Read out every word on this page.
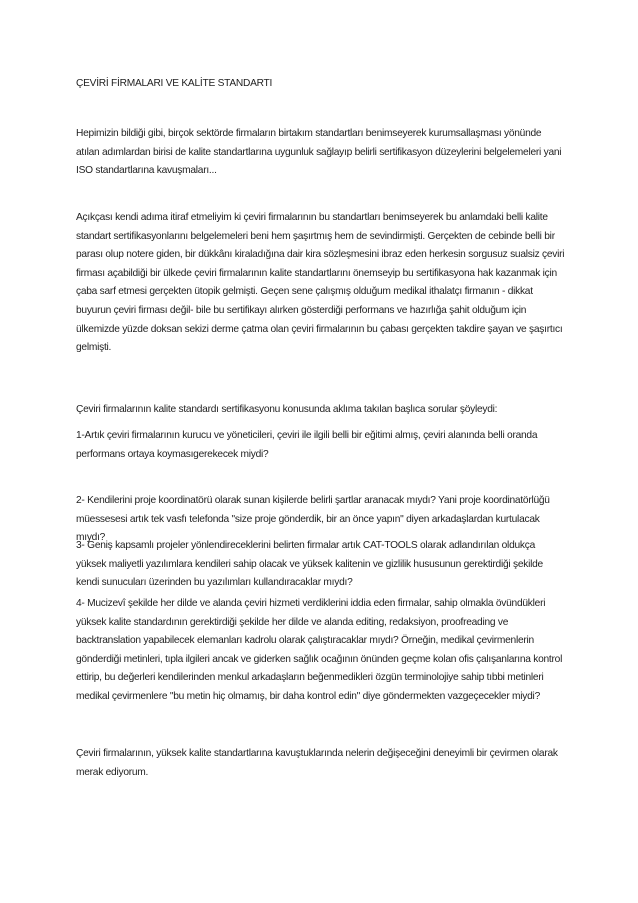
ÇEVİRİ FİRMALARI VE KALİTE STANDARTI

Hepimizin bildiği gibi, birçok sektörde firmaların birtakım standartları benimseyerek kurumsallaşması yönünde atılan adımlardan birisi de kalite standartlarına uygunluk sağlayıp belirli sertifikasyon düzeylerini belgelemeleri yani ISO standartlarına kavuşmaları...

Açıkçası kendi adıma itiraf etmeliyim ki çeviri firmalarının bu standartları benimseyerek bu anlamdaki belli kalite standart sertifikasyonlarını belgelemeleri beni hem şaşırtmış hem de sevindirmişti. Gerçekten de cebinde belli bir parası olup notere giden, bir dükkânı kiraladığına dair kira sözleşmesini ibraz eden herkesin sorgusuz sualsiz çeviri firması açabildiği bir ülkede çeviri firmalarının kalite standartlarını önemseyip bu sertifikasyona hak kazanmak için çaba sarf etmesi gerçekten ütopik gelmişti. Geçen sene çalışmış olduğum medikal ithalatçı firmanın - dikkat buyurun çeviri firması değil- bile bu sertifikayı alırken gösterdiği performans ve hazırlığa şahit olduğum için ülkemizde yüzde doksan sekizi derme çatma olan çeviri firmalarının bu çabası gerçekten takdire şayan ve şaşırtıcı gelmişti.

Çeviri firmalarının kalite standardı sertifikasyonu konusunda aklıma takılan başlıca sorular şöyleydi:

1-Artık çeviri firmalarının kurucu ve yöneticileri, çeviri ile ilgili belli bir eğitimi almış, çeviri alanında belli oranda performans ortaya koymasıgerekecek miydi?

2- Kendilerini proje koordinatörü olarak sunan kişilerde belirli şartlar aranacak mıydı? Yani proje koordinatörlüğü müessesesi artık tek vasfı telefonda "size proje gönderdik, bir an önce yapın" diyen arkadaşlardan kurtulacak mıydı?

3- Geniş kapsamlı projeler yönlendireceklerini belirten firmalar artık CAT-TOOLS olarak adlandırılan oldukça yüksek maliyetli yazılımlara kendileri sahip olacak ve yüksek kalitenin ve gizlilik hususunun gerektirdiği şekilde kendi sunucuları üzerinden bu yazılımları kullandıracaklar mıydı?

4- Mucizevî şekilde her dilde ve alanda çeviri hizmeti verdiklerini iddia eden firmalar, sahip olmakla övündükleri yüksek kalite standardının gerektirdiği şekilde her dilde ve alanda editing, redaksiyon, proofreading ve backtranslation yapabilecek elemanları kadrolu olarak çalıştıracaklar mıydı? Örneğin, medikal çevirmenlerin gönderdiği metinleri, tıpla ilgileri ancak ve giderken sağlık ocağının önünden geçme kolan ofis çalışanlarına kontrol ettirip, bu değerleri kendilerinden menkul arkadaşların beğenmedikleri özgün terminolojiye sahip tıbbi metinleri medikal çevirmenlere "bu metin hiç olmamış, bir daha kontrol edin" diye göndermekten vazgeçecekler miydi?

Çeviri firmalarının, yüksek kalite standartlarına kavuştuklarında nelerin değişeceğini deneyimli bir çevirmen olarak merak ediyorum.
